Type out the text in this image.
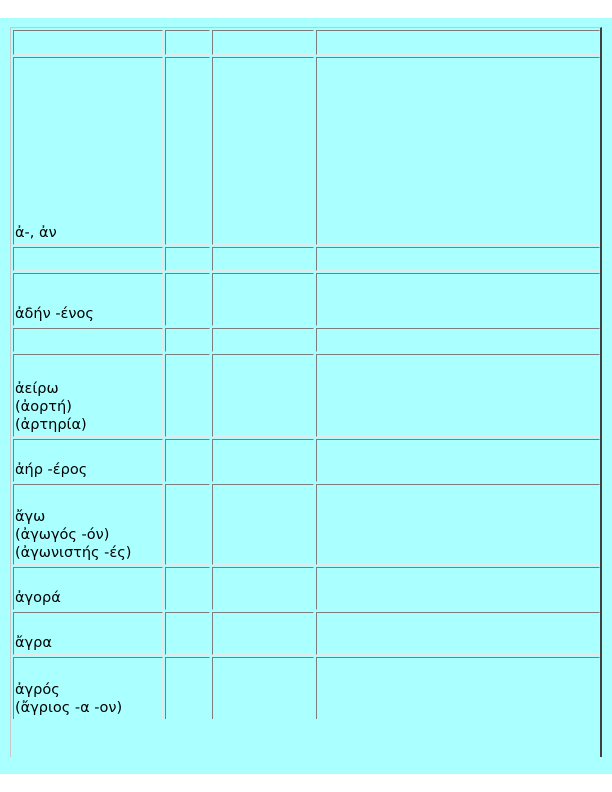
ἀ-, ἀν			

ἀδήν -ένος			

ἀείρω
(ἀορτή)
(ἀρτηρία)			

ἀήρ -έρος			

ἄγω
(ἀγωγός -όν)
(ἀγωνιστής -ές)			

ἀγορά			

ἄγρα			

ἀγρός
(ἄγριος -α -ον)			
